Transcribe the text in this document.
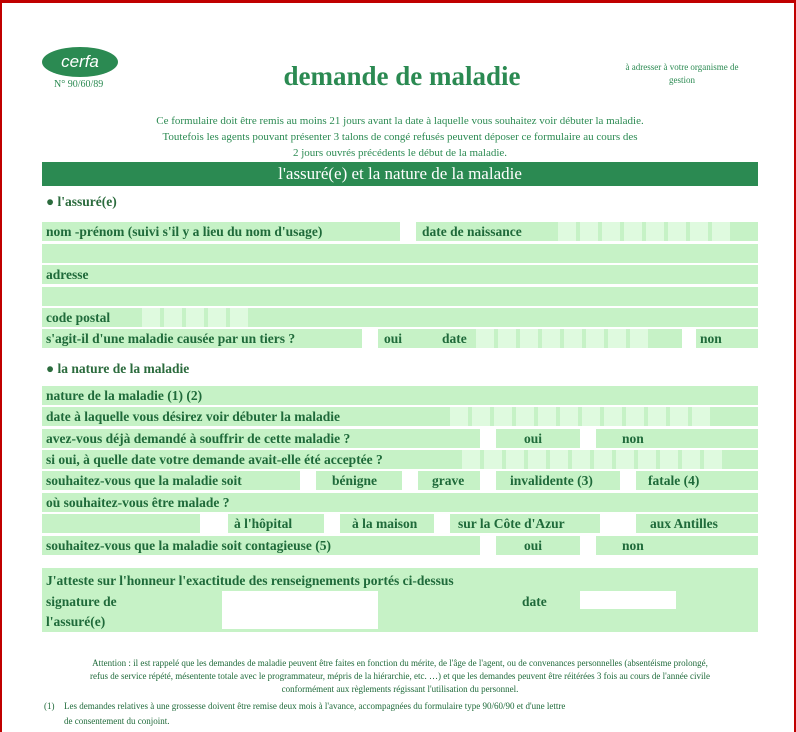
cerfa
N° 90/60/89	demande de maladie	à adresser à votre organisme de gestion
Ce formulaire doit être remis au moins 21 jours avant la date à laquelle vous souhaitez voir débuter la maladie.
Toutefois les agents pouvant présenter 3 talons de congé refusés peuvent déposer ce formulaire au cours des
2 jours ouvrés précédents le début de la maladie.
l'assuré(e) et la nature de la maladie
● l'assuré(e)
nom -prénom (suivi s'il y a lieu du nom d'usage)	date de naissance
adresse
code postal
s'agit-il d'une maladie causée par un tiers ?	oui	date	non
● la nature de la maladie
nature de la maladie (1) (2)
date à laquelle vous désirez voir débuter la maladie
avez-vous déjà demandé à souffrir de cette maladie ?	oui	non
si oui, à quelle date votre demande avait-elle été acceptée ?
souhaitez-vous que la maladie soit	bénigne	grave	invalidente (3)	fatale (4)
où souhaitez-vous être malade ?
à l'hôpital	à la maison	sur la Côte d'Azur	aux Antilles
souhaitez-vous que la maladie soit contagieuse (5)	oui	non
J'atteste sur l'honneur l'exactitude des renseignements portés ci-dessus
signature de
l'assuré(e)
date
Attention : il est rappelé que les demandes de maladie peuvent être faites en fonction du mérite, de l'âge de l'agent, ou de convenances personnelles (absentéisme prolongé,
refus de service répété, mésentente totale avec le programmateur, mépris de la hiérarchie, etc. …) et que les demandes peuvent être réitérées 3 fois au cours de l'année civile
conformément aux règlements régissant l'utilisation du personnel.
(1) Les demandes relatives à une grossesse doivent être remise deux mois à l'avance, accompagnées du formulaire type 90/60/90 et d'une lettre
de consentement du conjoint.
